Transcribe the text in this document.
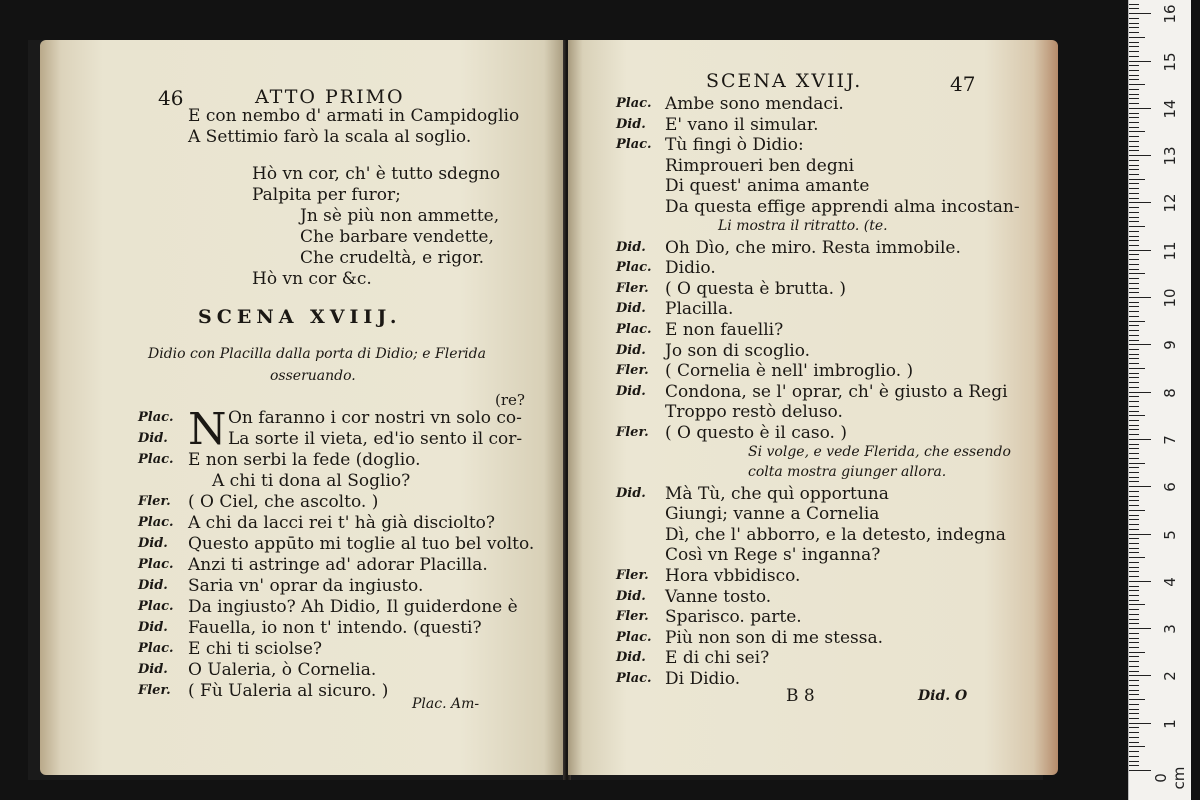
46	ATTO PRIMO
E con nembo d' armati in Campidoglio
A Settimio farò la scala al soglio.
Hò vn cor, ch' è tutto sdegno
Palpita per furor;
Jn sè più non ammette,
Che barbare vendette,
Che crudeltà, e rigor.
Hò vn cor &c.
SCENA XVIIJ.
Didio con Placilla dalla porta di Didio; e Flerida
osseruando.
(re?
N
Plac.	On faranno i cor nostri vn solo co-
Did.	La sorte il vieta, ed'io sento il cor-
Plac. E non serbi la fede (doglio.
A chi ti dona al Soglio?
Fler. ( O Ciel, che ascolto. )
Plac. A chi da lacci rei t' hà già disciolto?
Did. Questo appūto mi toglie al tuo bel volto.
Plac. Anzi ti astringe ad' adorar Placilla.
Did. Saria vn' oprar da ingiusto.
Plac. Da ingiusto? Ah Didio, Il guiderdone è
Did. Fauella, io non t' intendo. (questi?
Plac. E chi ti sciolse?
Did. O Ualeria, ò Cornelia.
Fler. ( Fù Ualeria al sicuro. )
Plac. Am-
SCENA XVIIJ.	47
Plac. Ambe sono mendaci.
Did. E' vano il simular.
Plac. Tù fingi ò Didio:
Rimproueri ben degni
Di quest' anima amante
Da questa effige apprendi alma incostan-
Li mostra il ritratto. (te.
Did. Oh Dìo, che miro. Resta immobile.
Plac. Didio.
Fler. ( O questa è brutta. )
Did. Placilla.
Plac. E non fauelli?
Did. Jo son di scoglio.
Fler. ( Cornelia è nell' imbroglio. )
Did. Condona, se l' oprar, ch' è giusto a Regi
Troppo restò deluso.
Fler. ( O questo è il caso. )
Si volge, e vede Flerida, che essendo
colta mostra giunger allora.
Did. Mà Tù, che quì opportuna
Giungi; vanne a Cornelia
Dì, che l' abborro, e la detesto, indegna
Così vn Rege s' inganna?
Fler. Hora vbbidisco.
Did. Vanne tosto.
Fler. Sparisco. parte.
Plac. Più non son di me stessa.
Did. E di chi sei?
Plac. Di Didio.
B 8	Did. O
0 cm
1
2
3
4
5
6
7
8
9
10
11
12
13
14
15
16
